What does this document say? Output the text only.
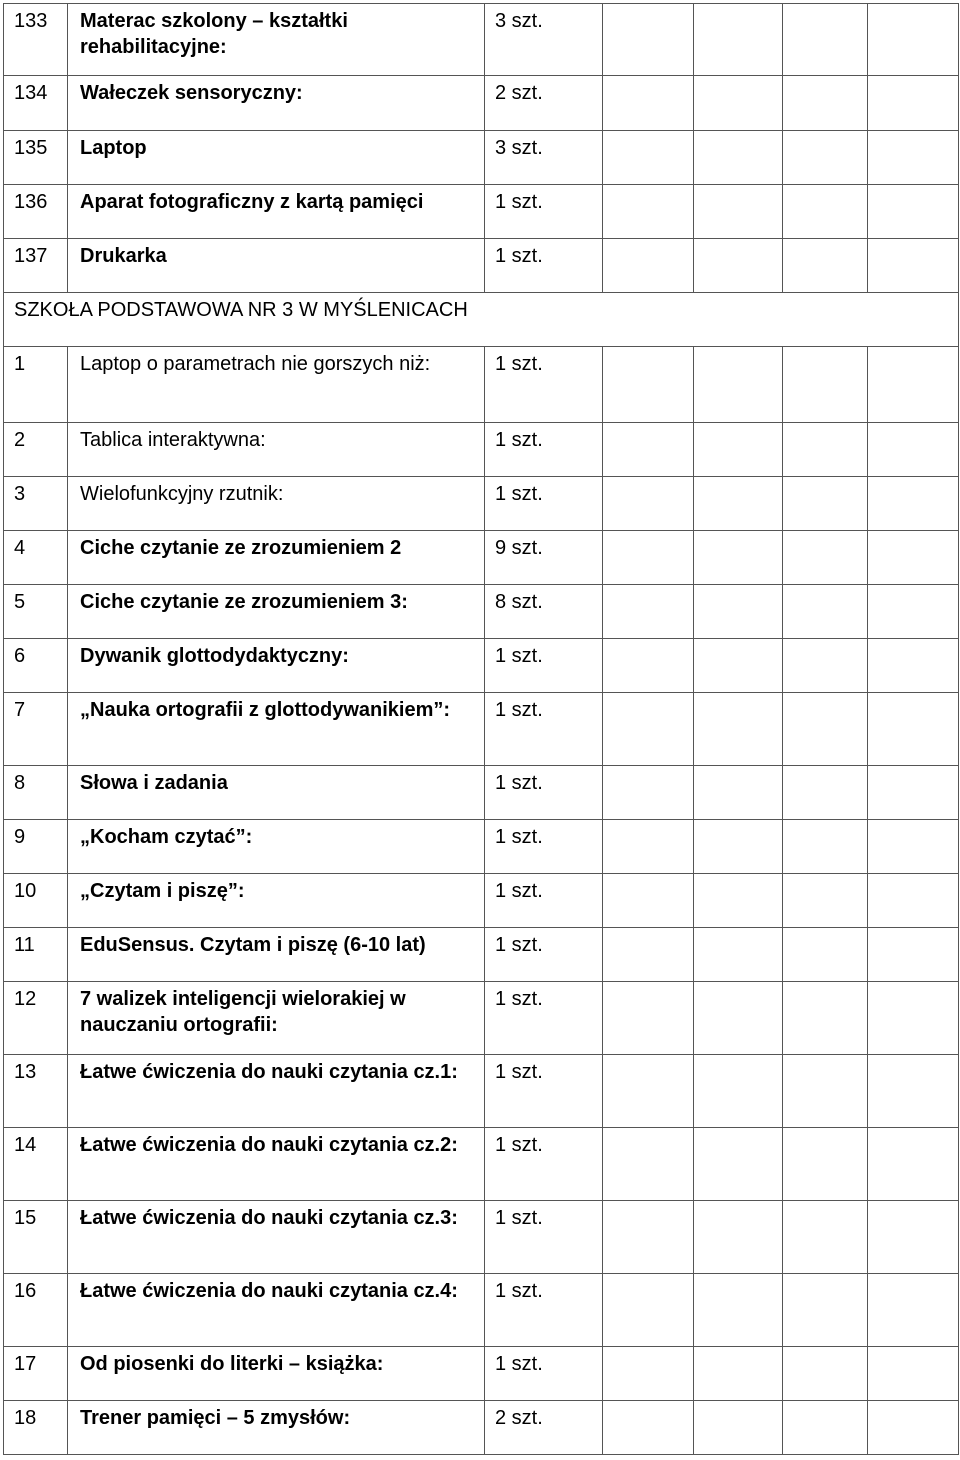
133	Materac szkolony – kształtki rehabilitacyjne:	3 szt.				
134	Wałeczek sensoryczny:	2 szt.				
135	Laptop	3 szt.				
136	Aparat fotograficzny z kartą pamięci	1 szt.				
137	Drukarka	1 szt.				
SZKOŁA PODSTAWOWA NR 3 W MYŚLENICACH						
1	Laptop o parametrach nie gorszych niż:	1 szt.				
2	Tablica interaktywna:	1 szt.				
3	Wielofunkcyjny rzutnik:	1 szt.				
4	Ciche czytanie ze zrozumieniem 2	9 szt.				
5	Ciche czytanie ze zrozumieniem 3:	8 szt.				
6	Dywanik glottodydaktyczny:	1 szt.				
7	„Nauka ortografii z glottodywanikiem”:	1 szt.				
8	Słowa i zadania	1 szt.				
9	„Kocham czytać”:	1 szt.				
10	„Czytam i piszę”:	1 szt.				
11	EduSensus. Czytam i piszę (6-10 lat)	1 szt.				
12	7 walizek inteligencji wielorakiej w nauczaniu ortografii:	1 szt.				
13	Łatwe ćwiczenia do nauki czytania cz.1:	1 szt.				
14	Łatwe ćwiczenia do nauki czytania cz.2:	1 szt.				
15	Łatwe ćwiczenia do nauki czytania cz.3:	1 szt.				
16	Łatwe ćwiczenia do nauki czytania cz.4:	1 szt.				
17	Od piosenki do literki – książka:	1 szt.				
18	Trener pamięci – 5 zmysłów:	2 szt.				
